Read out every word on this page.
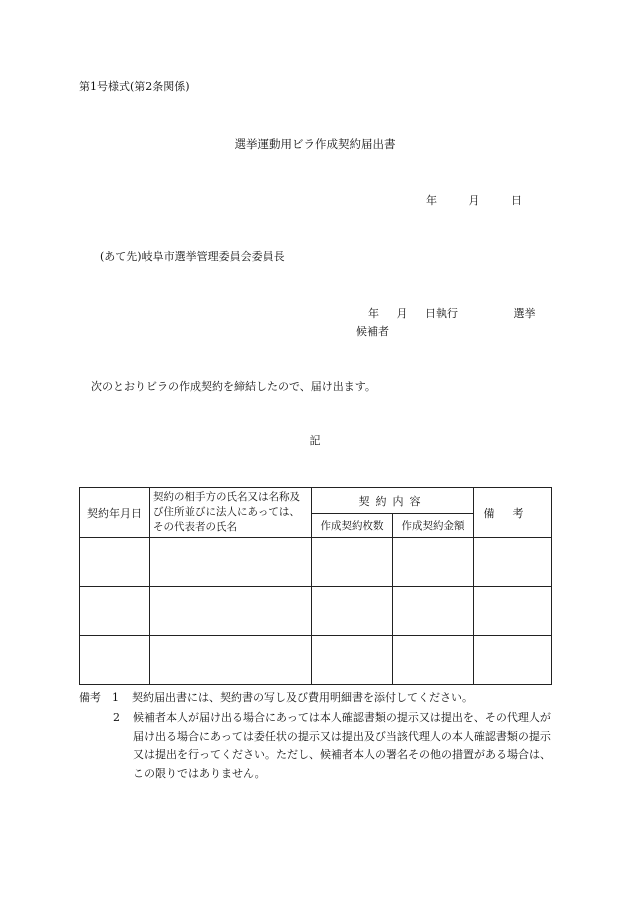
第1号様式(第2条関係)
選挙運動用ビラ作成契約届出書
年	月	日
(あて先)岐阜市選挙管理委員会委員長
年 月 日執行	選挙
候補者
次のとおりビラの作成契約を締結したので、届け出ます。
記
契約年月日	契約の相手方の氏名又は名称及び住所並びに法人にあっては、その代表者の氏名	契約内容		備考
		作成契約枚数	作成契約金額	

備考	1	契約届出書には、契約書の写し及び費用明細書を添付してください。
2	候補者本人が届け出る場合にあっては本人確認書類の提示又は提出を、その代理人が届け出る場合にあっては委任状の提示又は提出及び当該代理人の本人確認書類の提示又は提出を行ってください。ただし、候補者本人の署名その他の措置がある場合は、この限りではありません。
